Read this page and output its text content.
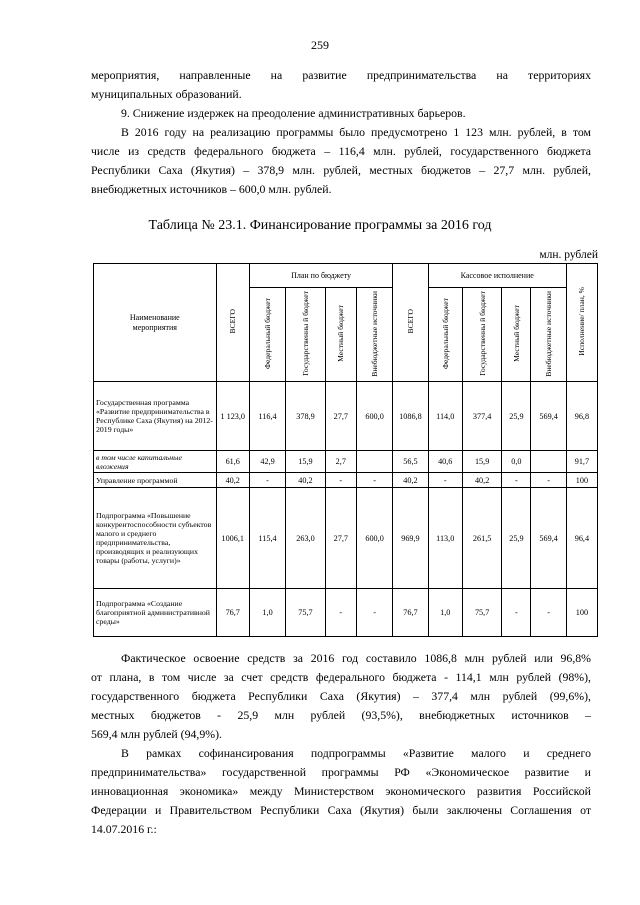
259
мероприятия, направленные на развитие предпринимательства на территориях
муниципальных образований.
9. Снижение издержек на преодоление административных барьеров.
В 2016 году на реализацию программы было предусмотрено 1 123 млн. рублей, в том
числе из средств федерального бюджета – 116,4 млн. рублей, государственного бюджета
Республики Саха (Якутия) – 378,9 млн. рублей, местных бюджетов – 27,7 млн. рублей,
внебюджетных источников – 600,0 млн. рублей.
Таблица № 23.1. Финансирование программы за 2016 год
млн. рублей
Наименование мероприятия	ВСЕГО	План по бюджету				ВСЕГО	Кассовое исполнение				Исполнение/ план, %
		Федеральный бюджет	Государственны й бюджет	Местный бюджет	Внебюджетные источники		Федеральный бюджет	Государственны й бюджет	Местный бюджет	Внебюджетные источники	
Государственная программа «Развитие предпринимательства в Республике Саха (Якутия) на 2012-2019 годы»	1 123,0	116,4	378,9	27,7	600,0	1086,8	114,0	377,4	25,9	569,4	96,8
в том числе капитальные вложения	61,6	42,9	15,9	2,7		56,5	40,6	15,9	0,0		91,7
Управление программой	40,2	-	40,2	-	-	40,2	-	40,2	-	-	100
Подпрограмма «Повышение конкурентоспособности субъектов малого и среднего предпринимательства, производящих и реализующих товары (работы, услуги)»	1006,1	115,4	263,0	27,7	600,0	969,9	113,0	261,5	25,9	569,4	96,4
Подпрограмма «Создание благоприятной административной среды»	76,7	1,0	75,7	-	-	76,7	1,0	75,7	-	-	100
Фактическое освоение средств за 2016 год составило 1086,8 млн рублей или 96,8%
от плана, в том числе за счет средств федерального бюджета - 114,1 млн рублей (98%),
государственного бюджета Республики Саха (Якутия) – 377,4 млн рублей (99,6%),
местных бюджетов - 25,9 млн рублей (93,5%), внебюджетных источников –
569,4 млн рублей (94,9%).
В рамках софинансирования подпрограммы «Развитие малого и среднего
предпринимательства» государственной программы РФ «Экономическое развитие и
инновационная экономика» между Министерством экономического развития Российской
Федерации и Правительством Республики Саха (Якутия) были заключены Соглашения от
14.07.2016 г.:
